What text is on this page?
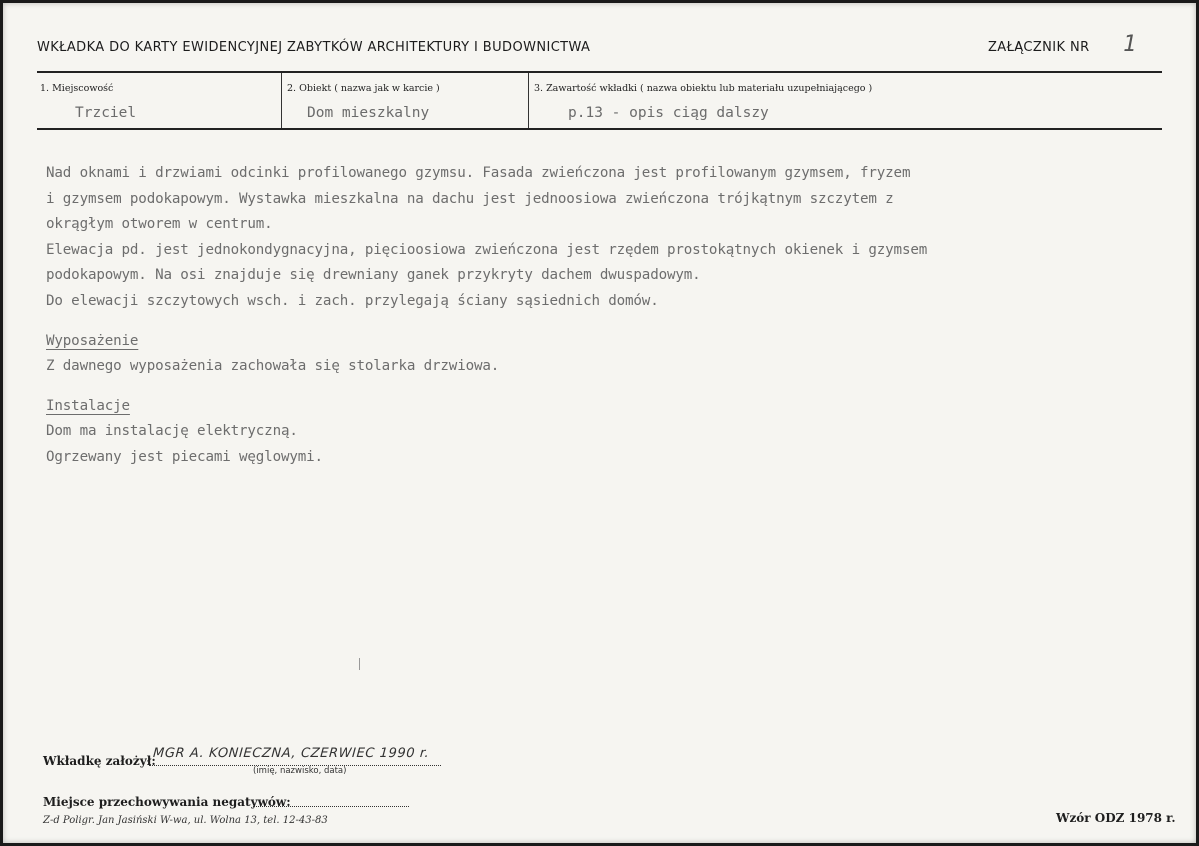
WKŁADKA DO KARTY EWIDENCYJNEJ ZABYTKÓW ARCHITEKTURY I BUDOWNICTWA	ZAŁĄCZNIK NR 1
1. Miejscowość
Trzciel
2. Obiekt ( nazwa jak w karcie )
Dom mieszkalny
3. Zawartość wkładki ( nazwa obiektu lub materiału uzupełniającego )
p.13 - opis ciąg dalszy

Nad oknami i drzwiami odcinki profilowanego gzymsu. Fasada zwieńczona jest profilowanym gzymsem, fryzem

i gzymsem podokapowym. Wystawka mieszkalna na dachu jest jednoosiowa zwieńczona trójkątnym szczytem z

okrągłym otworem w centrum.

Elewacja pd. jest jednokondygnacyjna, pięcioosiowa zwieńczona jest rzędem prostokątnych okienek i gzymsem

podokapowym. Na osi znajduje się drewniany ganek przykryty dachem dwuspadowym.

Do elewacji szczytowych wsch. i zach. przylegają ściany sąsiednich domów.

Wyposażenie

Z dawnego wyposażenia zachowała się stolarka drzwiowa.

Instalacje

Dom ma instalację elektryczną.

Ogrzewany jest piecami węglowymi.

Wkładkę założył:
MGR A. KONIECZNA, CZERWIEC 1990 r.
(imię, nazwisko, data)
Miejsce przechowywania negatywów:
Z-d Poligr. Jan Jasiński W-wa, ul. Wolna 13, tel. 12-43-83	Wzór ODZ 1978 r.
